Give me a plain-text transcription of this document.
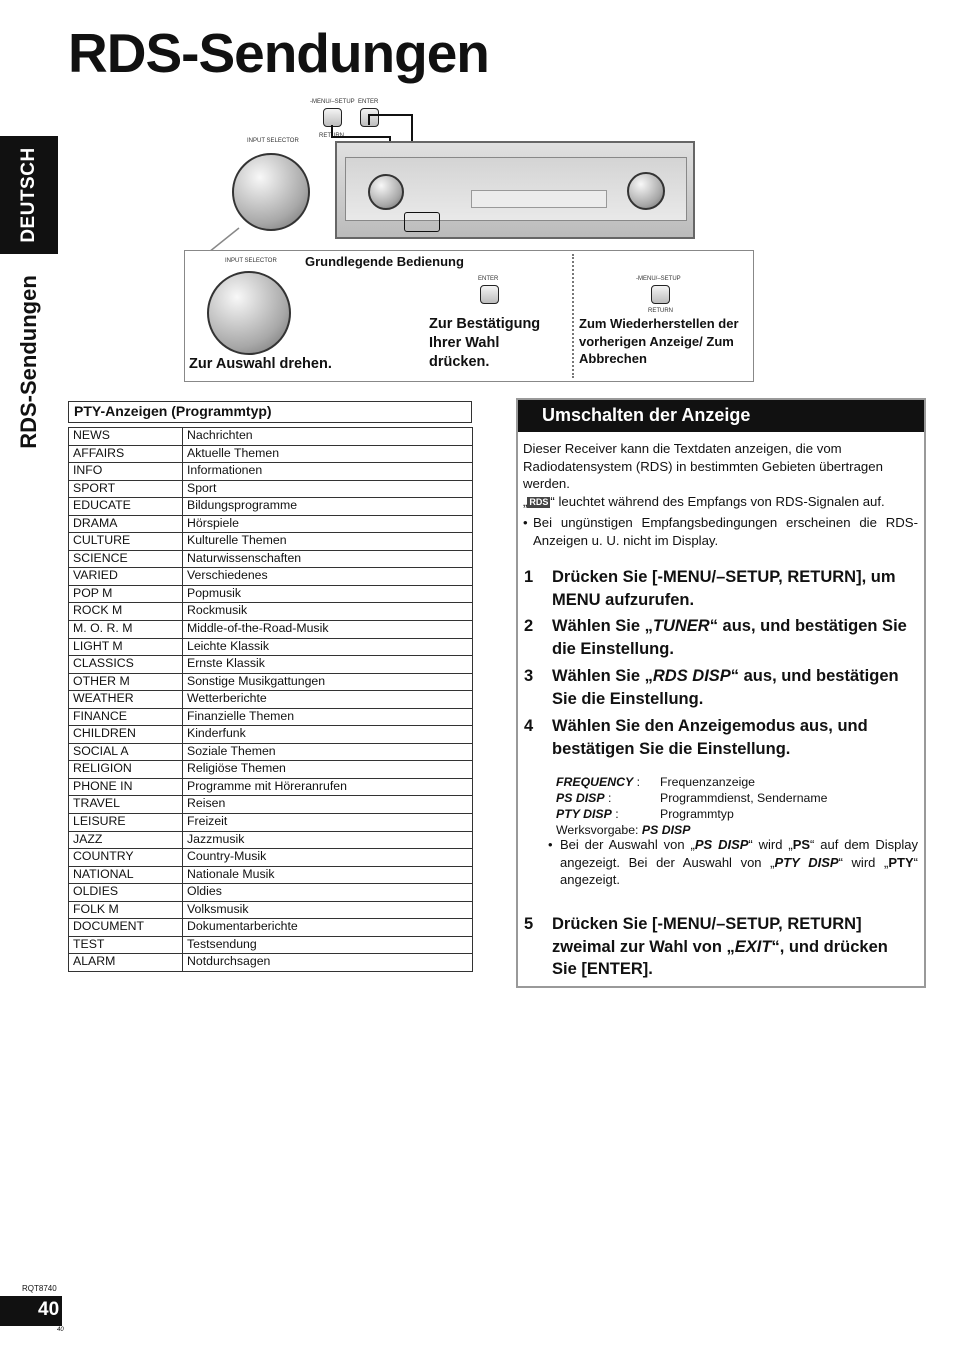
RDS-Sendungen
DEUTSCH
RDS-Sendungen
-MENU/–SETUP ENTER
RETURN
INPUT SELECTOR
INPUT SELECTOR Grundlegende Bedienung
Zur Auswahl drehen.
ENTER
Zur Bestätigung Ihrer Wahl drücken.
-MENU/–SETUP
RETURN
Zum Wiederherstellen der vorherigen Anzeige/ Zum Abbrechen
PTY-Anzeigen (Programmtyp)
NEWS	Nachrichten
AFFAIRS	Aktuelle Themen
INFO	Informationen
SPORT	Sport
EDUCATE	Bildungsprogramme
DRAMA	Hörspiele
CULTURE	Kulturelle Themen
SCIENCE	Naturwissenschaften
VARIED	Verschiedenes
POP M	Popmusik
ROCK M	Rockmusik
M. O. R. M	Middle-of-the-Road-Musik
LIGHT M	Leichte Klassik
CLASSICS	Ernste Klassik
OTHER M	Sonstige Musikgattungen
WEATHER	Wetterberichte
FINANCE	Finanzielle Themen
CHILDREN	Kinderfunk
SOCIAL A	Soziale Themen
RELIGION	Religiöse Themen
PHONE IN	Programme mit Höreranrufen
TRAVEL	Reisen
LEISURE	Freizeit
JAZZ	Jazzmusik
COUNTRY	Country-Musik
NATIONAL	Nationale Musik
OLDIES	Oldies
FOLK M	Volksmusik
DOCUMENT	Dokumentarberichte
TEST	Testsendung
ALARM	Notdurchsagen
Umschalten der Anzeige
Dieser Receiver kann die Textdaten anzeigen, die vom Radiodatensystem (RDS) in bestimmten Gebieten übertragen werden.
„ RDS “ leuchtet während des Empfangs von RDS-Signalen auf.
• Bei ungünstigen Empfangsbedingungen erscheinen die RDS-Anzeigen u. U. nicht im Display.
1 Drücken Sie [-MENU/–SETUP, RETURN], um MENU aufzurufen.
2 Wählen Sie „TUNER“ aus, und bestätigen Sie die Einstellung.
3 Wählen Sie „RDS DISP“ aus, und bestätigen Sie die Einstellung.
4 Wählen Sie den Anzeigemodus aus, und bestätigen Sie die Einstellung.
FREQUENCY : Frequenzanzeige
PS DISP :	Programmdienst, Sendername
PTY DISP :	Programmtyp
Werksvorgabe: PS DISP
• Bei der Auswahl von „PS DISP“ wird „PS“ auf dem Display angezeigt. Bei der Auswahl von „PTY DISP“ wird „PTY“ angezeigt.
5 Drücken Sie [-MENU/–SETUP, RETURN] zweimal zur Wahl von „EXIT“, und drücken Sie [ENTER].
RQT8740
40
40
